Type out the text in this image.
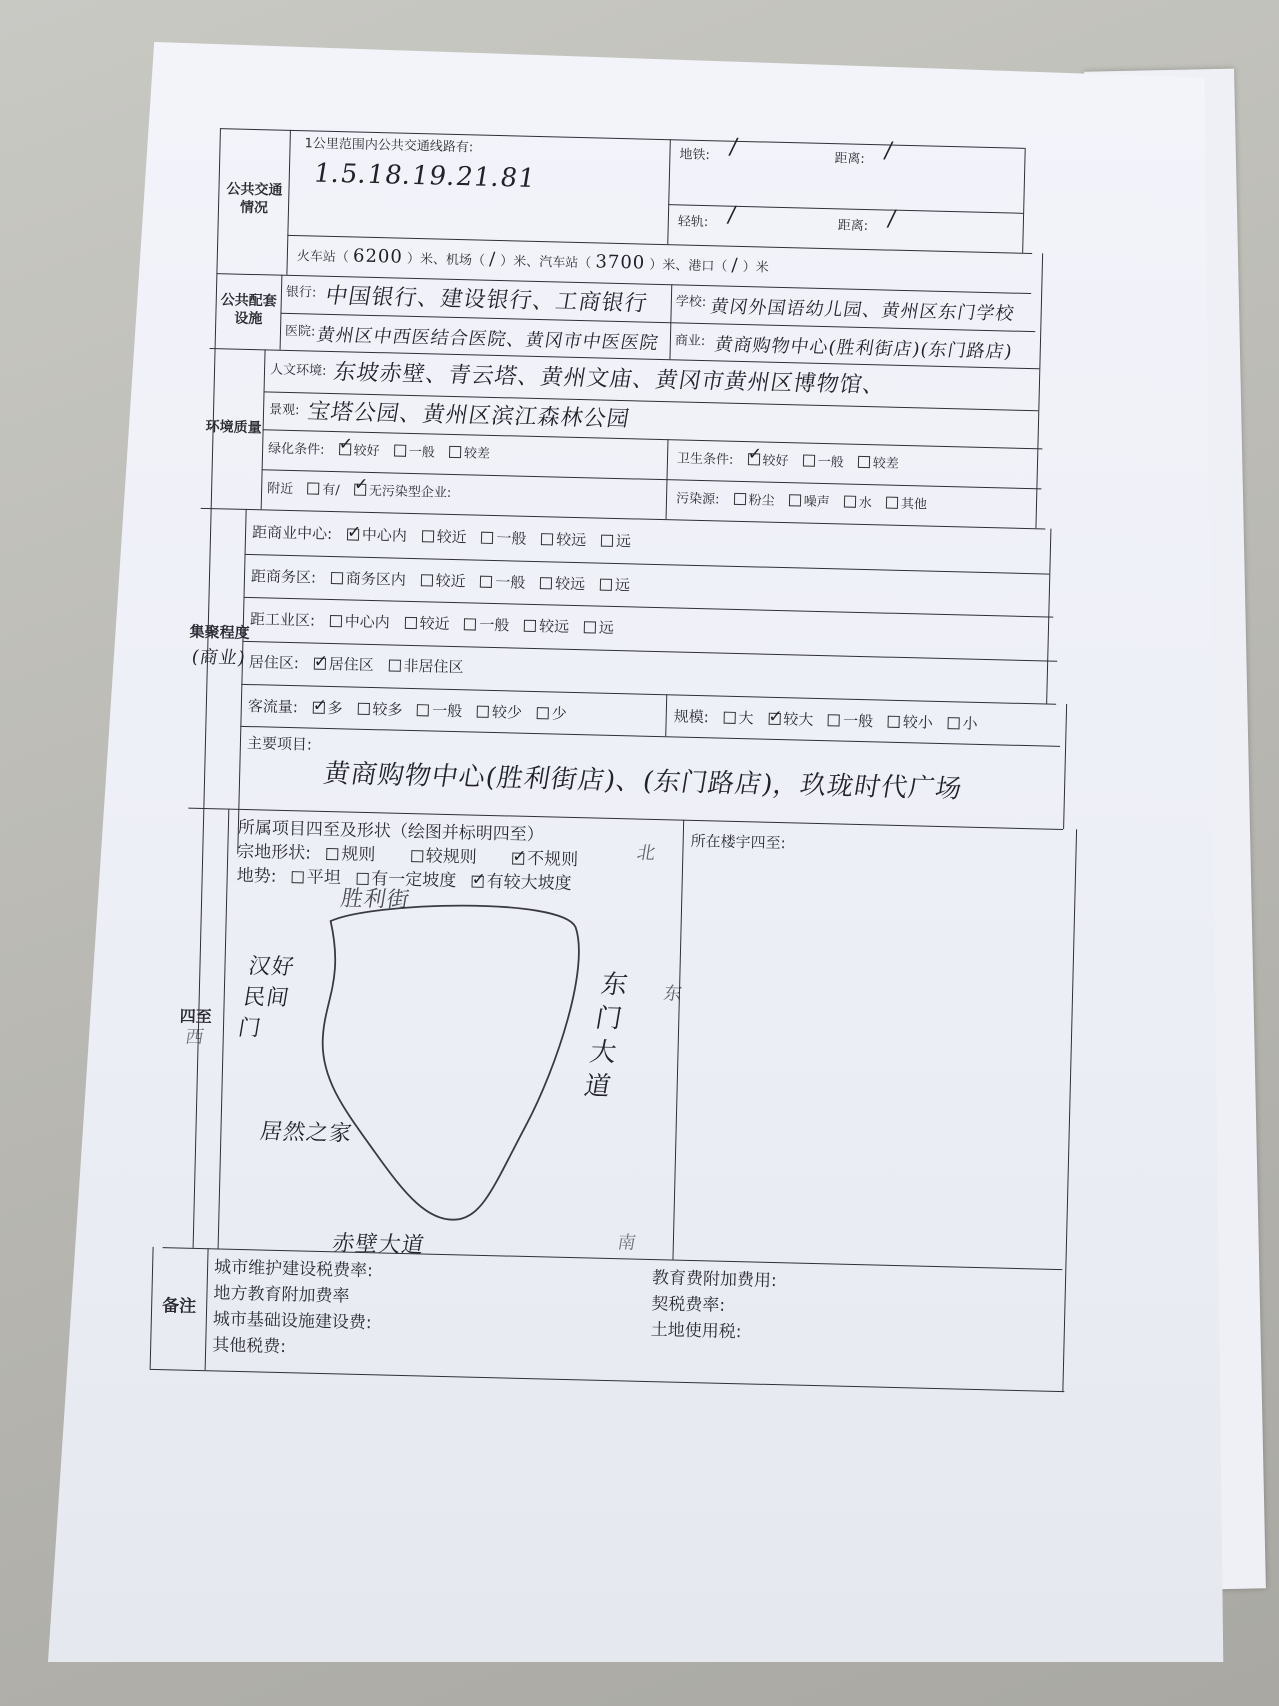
公共交通情况
1公里范围内公共交通线路有:
1.5.18.19.21.81
地铁: /	距离: /
轻轨: /	距离: /
火车站（ 6200 ）米、机场（ / ）米、汽车站（ 3700 ）米、港口（ / ）米
公共配套设施
银行: 中国银行、建设银行、工商银行 学校: 黄冈外国语幼儿园、黄州区东门学校
医院: 黄州区中西医结合医院、黄冈市中医医院 商业: 黄商购物中心(胜利街店)(东门路店)
环境质量
人文环境: 东坡赤壁、青云塔、黄州文庙、黄冈市黄州区博物馆、
景观: 宝塔公园、黄州区滨江森林公园
绿化条件: ✓ 较好 一般 较差	卫生条件: ✓ 较好 一般 较差
附近 有/ ✓ 无污染型企业:	污染源: 粉尘 噪声 水 其他
集聚程度
(商业)
距商业中心: ✓ 中心内 较近 一般 较远 远
距商务区: 商务区内 较近 一般 较远 远
距工业区: 中心内 较近 一般 较远 远
居住区: ✓ 居住区 非居住区
客流量: ✓ 多 较多 一般 较少 少	规模: 大 ✓ 较大 一般 较小 小
主要项目:
黄商购物中心(胜利街店)、(东门路店)，玖珑时代广场
四至
所属项目四至及形状（绘图并标明四至）
宗地形状: 规则	较规则 ✓	不规则
地势: 平坦 有一定坡度 ✓ 有较大坡度
所在楼宇四至:
胜利街
北
汉好民间门
西
东门大道
东
居然之家
赤壁大道	南
备注
城市维护建设税费率:
地方教育附加费率
城市基础设施建设费:
其他税费:
教育费附加费用:
契税费率:
土地使用税:
